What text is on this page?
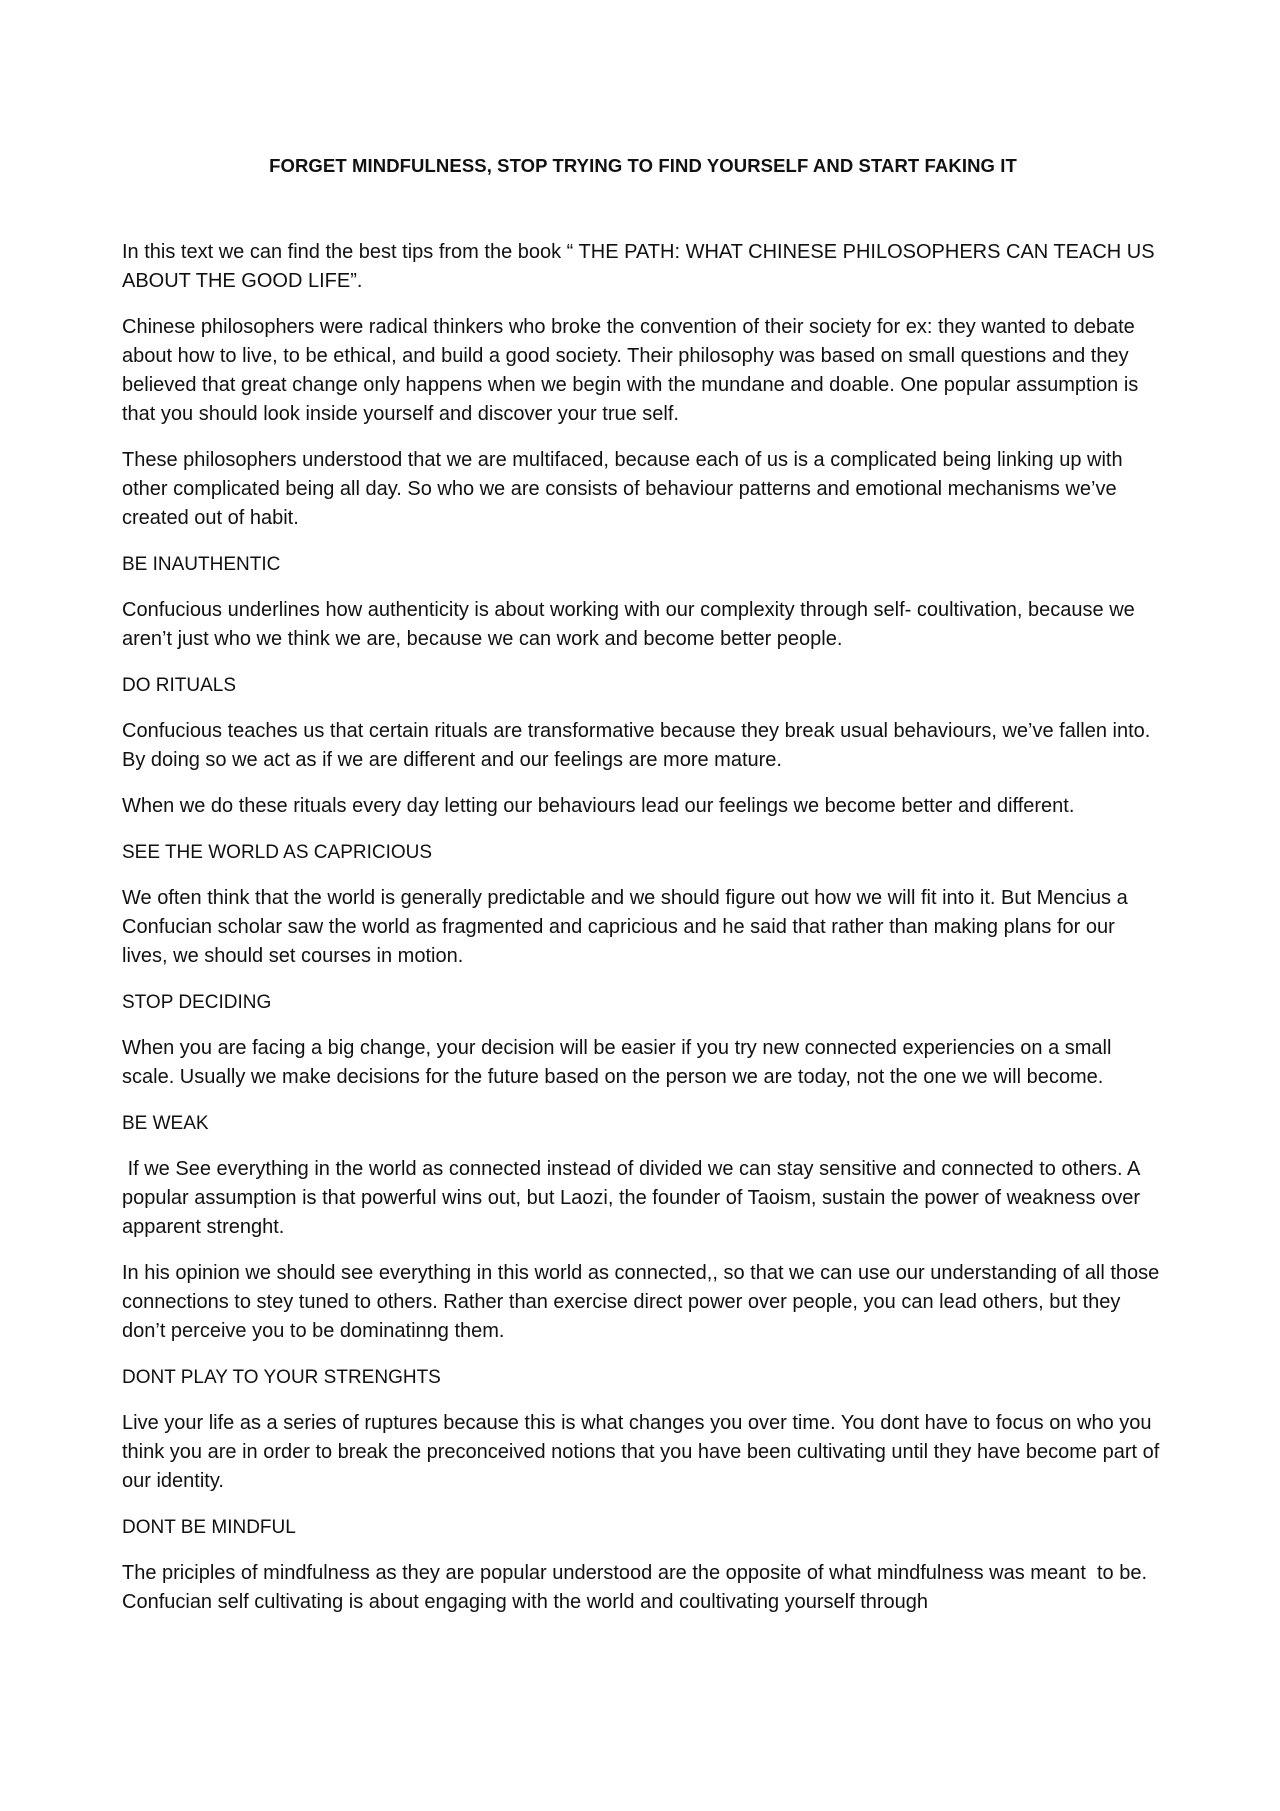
FORGET MINDFULNESS, STOP TRYING TO FIND YOURSELF AND START FAKING IT

In this text we can find the best tips from the book “ THE PATH: WHAT CHINESE PHILOSOPHERS CAN TEACH US ABOUT THE GOOD LIFE”.

Chinese philosophers were radical thinkers who broke the convention of their society for ex: they wanted to debate about how to live, to be ethical, and build a good society. Their philosophy was based on small questions and they believed that great change only happens when we begin with the mundane and doable. One popular assumption is that you should look inside yourself and discover your true self.

These philosophers understood that we are multifaced, because each of us is a complicated being linking up with other complicated being all day. So who we are consists of behaviour patterns and emotional mechanisms we’ve created out of habit.

BE INAUTHENTIC

Confucious underlines how authenticity is about working with our complexity through self- coultivation, because we aren’t just who we think we are, because we can work and become better people.

DO RITUALS

Confucious teaches us that certain rituals are transformative because they break usual behaviours, we’ve fallen into. By doing so we act as if we are different and our feelings are more mature.

When we do these rituals every day letting our behaviours lead our feelings we become better and different.

SEE THE WORLD AS CAPRICIOUS

We often think that the world is generally predictable and we should figure out how we will fit into it. But Mencius a Confucian scholar saw the world as fragmented and capricious and he said that rather than making plans for our lives, we should set courses in motion.

STOP DECIDING

When you are facing a big change, your decision will be easier if you try new connected experiencies on a small scale. Usually we make decisions for the future based on the person we are today, not the one we will become.

BE WEAK

If we See everything in the world as connected instead of divided we can stay sensitive and connected to others. A popular assumption is that powerful wins out, but Laozi, the founder of Taoism, sustain the power of weakness over apparent strenght.

In his opinion we should see everything in this world as connected,, so that we can use our understanding of all those connections to stey tuned to others. Rather than exercise direct power over people, you can lead others, but they don’t perceive you to be dominatinng them.

DONT PLAY TO YOUR STRENGHTS

Live your life as a series of ruptures because this is what changes you over time. You dont have to focus on who you think you are in order to break the preconceived notions that you have been cultivating until they have become part of our identity.

DONT BE MINDFUL

The priciples of mindfulness as they are popular understood are the opposite of what mindfulness was meant  to be. Confucian self cultivating is about engaging with the world and coultivating yourself through
